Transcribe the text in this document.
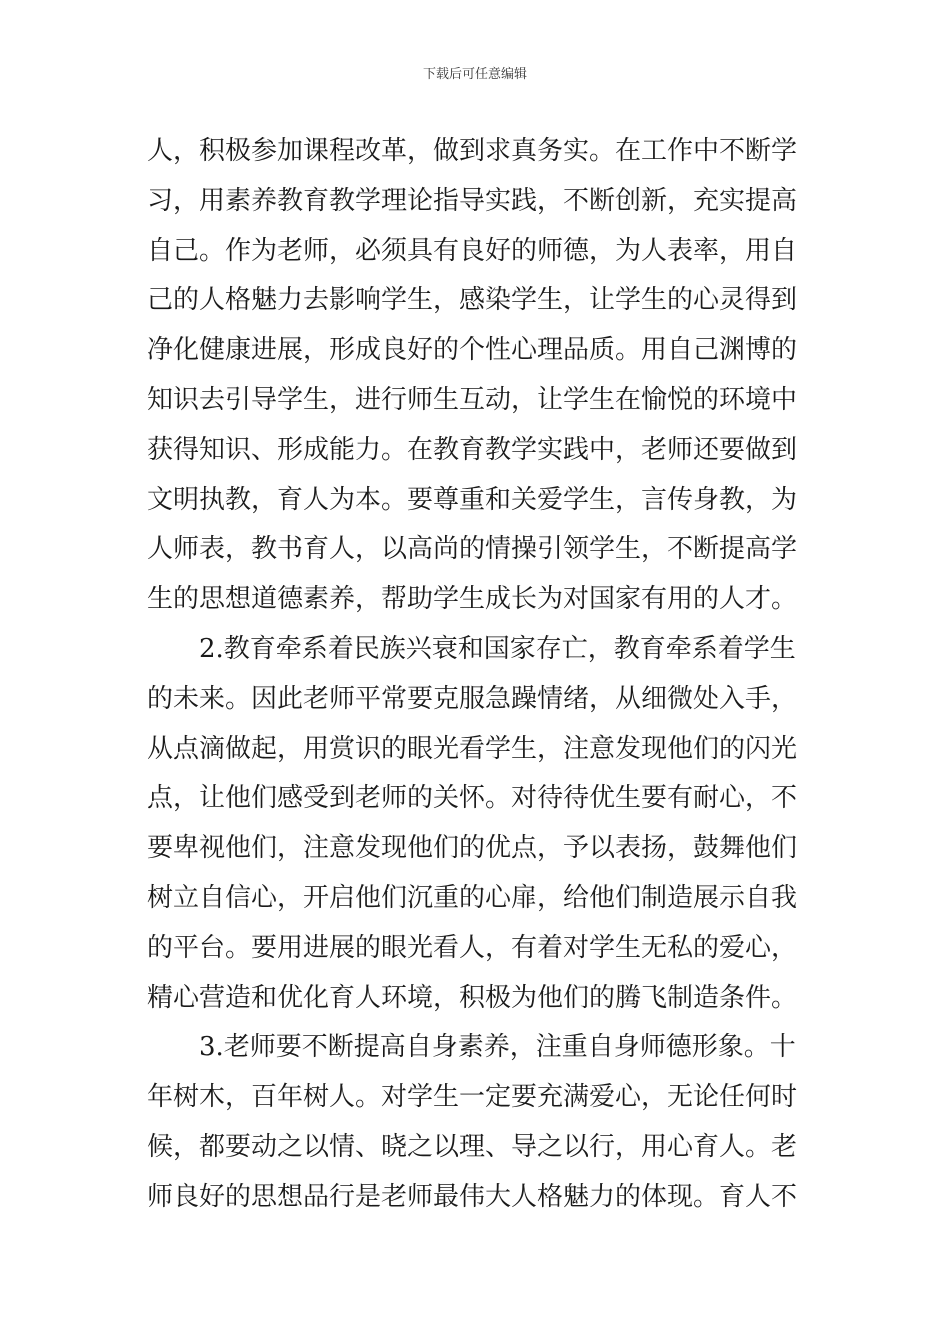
下载后可任意编辑
人，积极参加课程改革，做到求真务实。在工作中不断学
习，用素养教育教学理论指导实践，不断创新，充实提高
自己。作为老师，必须具有良好的师德，为人表率，用自
己的人格魅力去影响学生，感染学生，让学生的心灵得到
净化健康进展，形成良好的个性心理品质。用自己渊博的
知识去引导学生，进行师生互动，让学生在愉悦的环境中
获得知识、形成能力。在教育教学实践中，老师还要做到
文明执教，育人为本。要尊重和关爱学生，言传身教，为
人师表，教书育人，以高尚的情操引领学生，不断提高学
生的思想道德素养，帮助学生成长为对国家有用的人才。
2.教育牵系着民族兴衰和国家存亡，教育牵系着学生
的未来。因此老师平常要克服急躁情绪，从细微处入手，
从点滴做起，用赏识的眼光看学生，注意发现他们的闪光
点，让他们感受到老师的关怀。对待待优生要有耐心，不
要卑视他们，注意发现他们的优点，予以表扬，鼓舞他们
树立自信心，开启他们沉重的心扉，给他们制造展示自我
的平台。要用进展的眼光看人，有着对学生无私的爱心，
精心营造和优化育人环境，积极为他们的腾飞制造条件。
3.老师要不断提高自身素养，注重自身师德形象。十
年树木，百年树人。对学生一定要充满爱心，无论任何时
候，都要动之以情、晓之以理、导之以行，用心育人。老
师良好的思想品行是老师最伟大人格魅力的体现。育人不
